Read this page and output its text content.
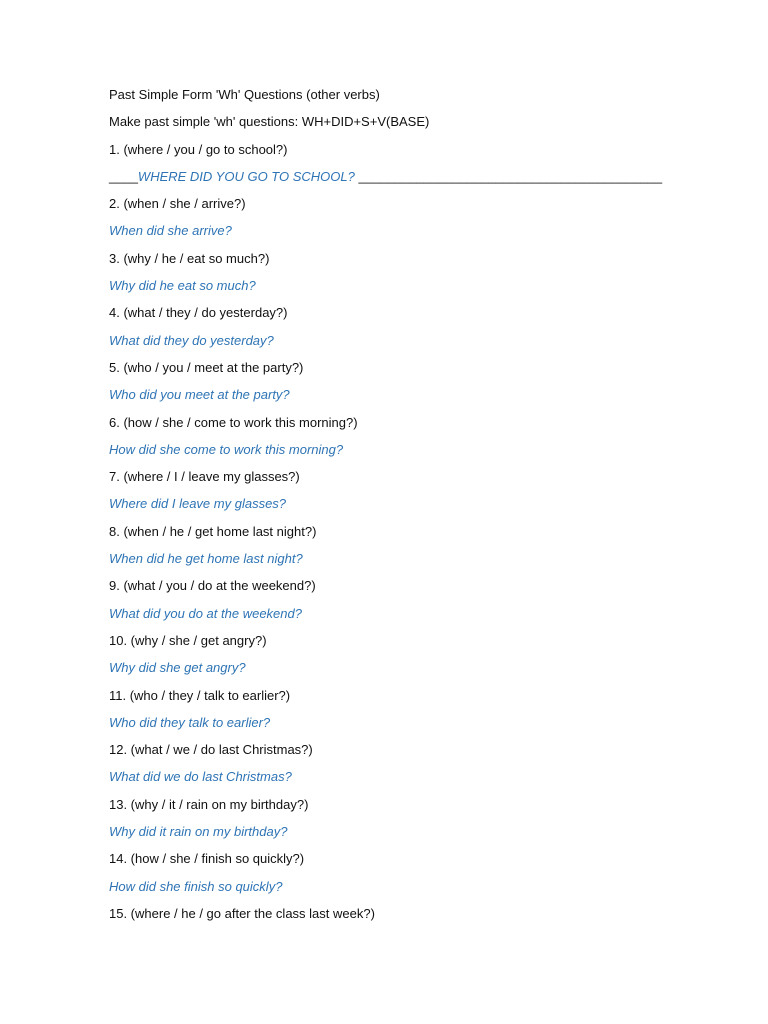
Past Simple Form 'Wh' Questions (other verbs)
Make past simple 'wh' questions: WH+DID+S+V(BASE)
1. (where / you / go to school?)
____WHERE DID YOU GO TO SCHOOL? __________________________________________
2. (when / she / arrive?)
When did she arrive?
3. (why / he / eat so much?)
Why did he eat so much?
4. (what / they / do yesterday?)
What did they do yesterday?
5. (who / you / meet at the party?)
Who did you meet at the party?
6. (how / she / come to work this morning?)
How did she come to work this morning?
7. (where / I / leave my glasses?)
Where did I leave my glasses?
8. (when / he / get home last night?)
When did he get home last night?
9. (what / you / do at the weekend?)
What did you do at the weekend?
10. (why / she / get angry?)
Why did she get angry?
11. (who / they / talk to earlier?)
Who did they talk to earlier?
12. (what / we / do last Christmas?)
What did we do last Christmas?
13. (why / it / rain on my birthday?)
Why did it rain on my birthday?
14. (how / she / finish so quickly?)
How did she finish so quickly?
15. (where / he / go after the class last week?)
